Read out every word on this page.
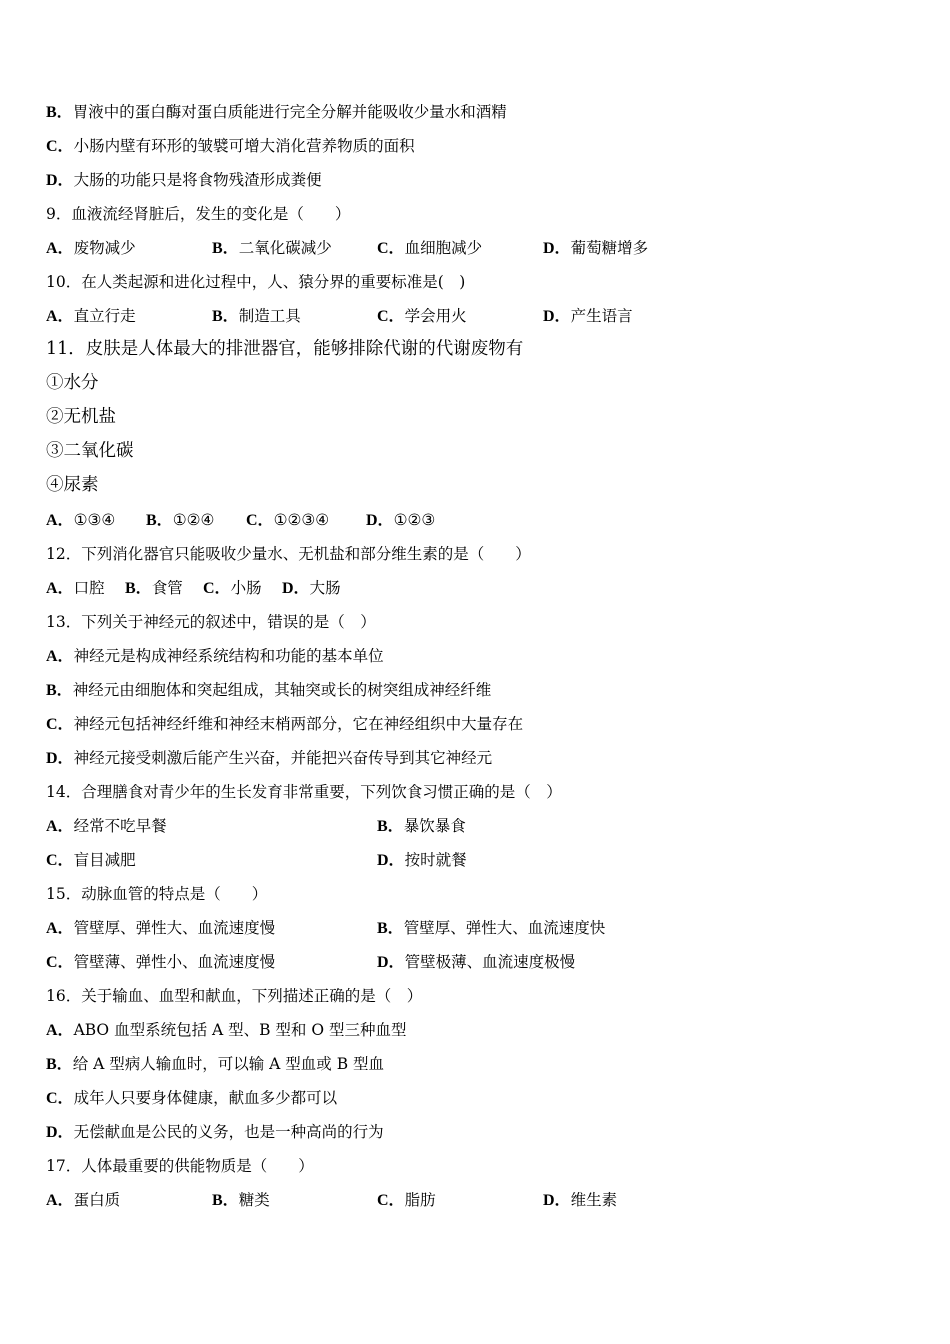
B．胃液中的蛋白酶对蛋白质能进行完全分解并能吸收少量水和酒精
C．小肠内壁有环形的皱襞可增大消化营养物质的面积
D．大肠的功能只是将食物残渣形成粪便
9．血液流经肾脏后，发生的变化是（　　）
A．废物减少	B．二氧化碳减少	C．血细胞减少	D．葡萄糖增多
10．在人类起源和进化过程中，人、猿分界的重要标准是(　)
A．直立行走	B．制造工具	C．学会用火	D．产生语言
11．皮肤是人体最大的排泄器官，能够排除代谢的代谢废物有
①水分
②无机盐
③二氧化碳
④尿素
A．①③④ B．①②④ C．①②③④ D．①②③
12．下列消化器官只能吸收少量水、无机盐和部分维生素的是（　　）
A．口腔 B．食管 C．小肠 D．大肠
13．下列关于神经元的叙述中，错误的是（　）
A．神经元是构成神经系统结构和功能的基本单位
B．神经元由细胞体和突起组成，其轴突或长的树突组成神经纤维
C．神经元包括神经纤维和神经末梢两部分，它在神经组织中大量存在
D．神经元接受刺激后能产生兴奋，并能把兴奋传导到其它神经元
14．合理膳食对青少年的生长发育非常重要，下列饮食习惯正确的是（　）
A．经常不吃早餐	B．暴饮暴食
C．盲目减肥	D．按时就餐
15．动脉血管的特点是（　　）
A．管壁厚、弹性大、血流速度慢	B．管壁厚、弹性大、血流速度快
C．管壁薄、弹性小、血流速度慢	D．管壁极薄、血流速度极慢
16．关于输血、血型和献血，下列描述正确的是（　）
A．ABO 血型系统包括 A 型、B 型和 O 型三种血型
B．给 A 型病人输血时，可以输 A 型血或 B 型血
C．成年人只要身体健康，献血多少都可以
D．无偿献血是公民的义务，也是一种高尚的行为
17．人体最重要的供能物质是（　　）
A．蛋白质	B．糖类	C．脂肪	D．维生素
